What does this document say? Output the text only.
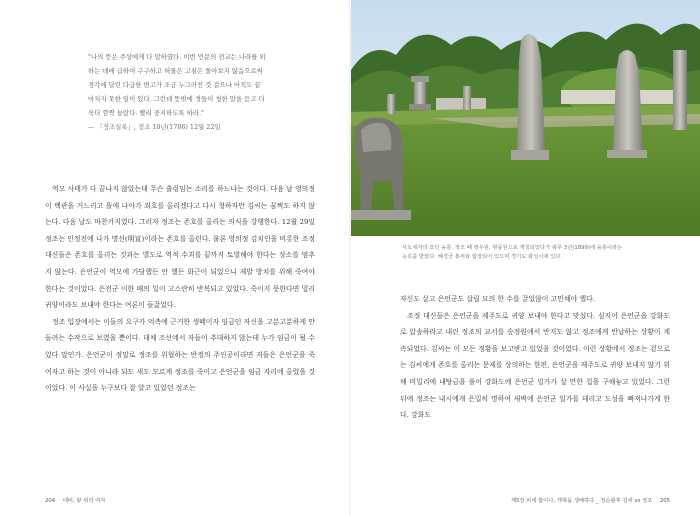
"나의 뜻은 주상에게 다 말하였다. 이번 언문의 전교는 나라를 위

하는 데에 급하여 구구하고 허물은 고침은 돌아보지 않음으로써

경각에 달린 다급한 변고가 조금 누그러진 것 같으나 아직도 끝

마치지 못한 일이 있다. 그런데 뜻밖에 경들이 청한 말을 듣고 더

욱더 깜짝 놀랐다. 빨리 중지하도록 하라."

— 『정조실록』, 정조 10년(1786) 12월 22일

역모 사태가 다 끝나지 않았는데 무슨 출렁임는 소리를 하느냐는 것이다. 다음 날 영의정이 백관을 거느리고 뜰에 나아가 죄호를 올리겠다고 다시 청하자만 김씨는 꿈쩍도 하지 않는다. 다음 날도 마찬가지였다. 그러자 정조는 존호를 올리는 의식을 강행한다. 12월 29일 정조는 인정전에 나가 명선(明宣)이라는 존호를 올린다. 물론 영의정 김치인을 비롯한 조정 대신들은 존호를 올리는 것과는 별도로 역적 수괴를 끝까지 토벌해야 한다는 상소를 멈추지 않는다. 은언군이 역모에 가담했든 안 했든 화근이 되었으니 제발 방치를 위해 죽여야 한다는 것이었다. 은전군 이한 때의 일이 고스란히 반복되고 있었다. 죽이지 못한다면 멀리 귀양이라도 보내야 한다는 여론이 들끓었다.

정조 입장에서는 이들의 요구가 억측에 근거한 생떼이자 임금인 자신을 고분고분하게 만들려는 수작으로 보였을 뿐이다. 대체 조선에서 자들이 추대하지 않는데 누가 임금이 될 수 있다 말인가. 은언군이 정말로 정조를 위협하는 반정의 주인공이라면 저들은 은언군을 죽여자고 하는 것이 아니라 되도 새도 모르게 정조를 죽이고 은언군을 임금 자리에 올렸을 것이었다. 이 사실을 누구보다 잘 알고 있었던 정조는

사도세자의 묘인 융릉. 정조 때 영우원, 현륭원으로 개칭되었다가 광무 3년(1899)에 융릉이라는

능호를 받았다. 혜경궁 홍씨와 합장되어 있으며 경기도 화성시에 있다.

자신도 살고 은언군도 살릴 묘의 한 수를 끌었않이 고민해야 했다.

조정 대신들은 은언군을 제주도로 귀양 보내야 한다고 맞섰다. 심지어 은언군을 강화도로 압송하라고 내린 정조의 교서를 승정원에서 반지도 않고 정조에게 반납하는 상황이 계속되었다. 김씨는 이 모든 정황을 보고받고 있었을 것이었다. 이런 상황에서 정조는 겉으로는 김씨에게 존호를 올리는 문제를 상의하는 한편, 은언군을 제주도로 귀양 보내지 않기 위해 비밀리에 내탕금을 풀어 강화도에 은언군 일가가 살 만한 집을 구해놓고 있었다. 그런 뒤에 정조는 내시에게 은밀히 명하여 새벽에 은언군 일가를 데리고 도성을 빠져나가게 한다. 강화도

204 대비, 왕 위의 여자	제5장 피세 합이나, 개혁을 생해하다 _ 정순왕후 김씨 vs 정조 205
